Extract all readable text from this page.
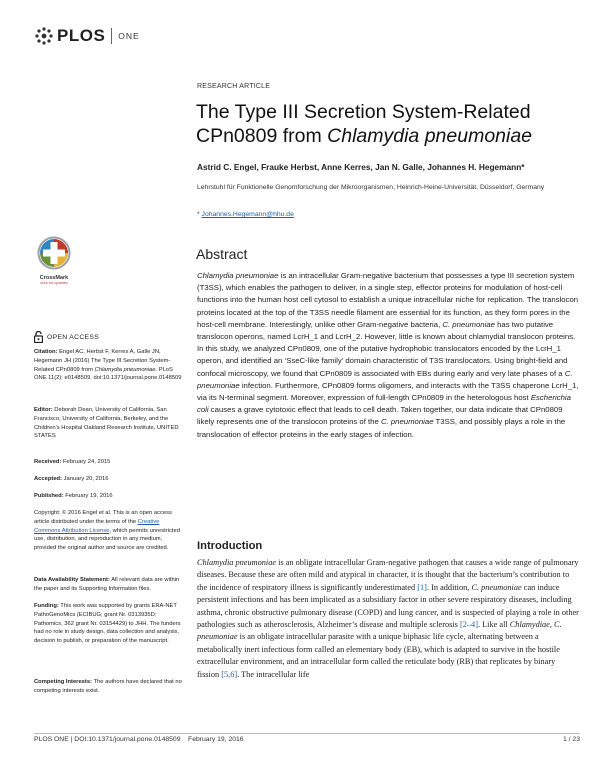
PLOS ONE
RESEARCH ARTICLE
The Type III Secretion System-Related CPn0809 from Chlamydia pneumoniae
Astrid C. Engel, Frauke Herbst, Anne Kerres, Jan N. Galle, Johannes H. Hegemann*
Lehrstuhl für Funktionelle Genomforschung der Mikroorganismen, Heinrich-Heine-Universität, Düsseldorf, Germany
* Johannes.Hegemann@hhu.de
CrossMark
click for updates
OPEN ACCESS
Citation: Engel AC, Herbst F, Kerres A, Galle JN, Hegemann JH (2016) The Type III Secretion System-Related CPn0809 from Chlamydia pneumoniae. PLoS ONE 11(2): e0148509. doi:10.1371/journal.pone.0148509
Editor: Deborah Dean, University of California, San Francisco, University of California, Berkeley, and the Children’s Hospital Oakland Research Institute, UNITED STATES
Received: February 24, 2015
Accepted: January 20, 2016
Published: February 19, 2016
Copyright: © 2016 Engel et al. This is an open access article distributed under the terms of the Creative Commons Attribution License, which permits unrestricted use, distribution, and reproduction in any medium, provided the original author and source are credited.
Data Availability Statement: All relevant data are within the paper and its Supporting Information files.
Funding: This work was supported by grants ERA-NET PathoGenoMics (ECIBUG; grant Nr. 0313935D; Pathomics, 362 grant Nr. 03154429) to JHH. The funders had no role in study design, data collection and analysis, decision to publish, or preparation of the manuscript.
Competing Interests: The authors have declared that no competing interests exist.
Abstract

Chlamydia pneumoniae is an intracellular Gram-negative bacterium that possesses a type III secretion system (T3SS), which enables the pathogen to deliver, in a single step, effector proteins for modulation of host-cell functions into the human host cell cytosol to establish a unique intracellular niche for replication. The translocon proteins located at the top of the T3SS needle filament are essential for its function, as they form pores in the host-cell membrane. Interestingly, unlike other Gram-negative bacteria, C. pneumoniae has two putative translocon operons, named LcrH_1 and LcrH_2. However, little is known about chlamydial translocon proteins. In this study, we analyzed CPn0809, one of the putative hydrophobic translocators encoded by the LcrH_1 operon, and identified an ‘SseC-like family’ domain characteristic of T3S translocators. Using bright-field and confocal microscopy, we found that CPn0809 is associated with EBs during early and very late phases of a C. pneumoniae infection. Furthermore, CPn0809 forms oligomers, and interacts with the T3SS chaperone LcrH_1, via its N-terminal segment. Moreover, expression of full-length CPn0809 in the heterologous host Escherichia coli causes a grave cytotoxic effect that leads to cell death. Taken together, our data indicate that CPn0809 likely represents one of the translocon proteins of the C. pneumoniae T3SS, and possibly plays a role in the translocation of effector proteins in the early stages of infection.

Introduction

Chlamydia pneumoniae is an obligate intracellular Gram-negative pathogen that causes a wide range of pulmonary diseases. Because these are often mild and atypical in character, it is thought that the bacterium’s contribution to the incidence of respiratory illness is significantly underestimated [1]. In addition, C. pneumoniae can induce persistent infections and has been implicated as a subsidiary factor in other severe respiratory diseases, including asthma, chronic obstructive pulmonary disease (COPD) and lung cancer, and is suspected of playing a role in other pathologies such as atherosclerosis, Alzheimer’s disease and multiple sclerosis [2–4]. Like all Chlamydiae, C. pneumoniae is an obligate intracellular parasite with a unique biphasic life cycle, alternating between a metabolically inert infectious form called an elementary body (EB), which is adapted to survive in the hostile extracellular environment, and an intracellular form called the reticulate body (RB) that replicates by binary fission [5,6]. The intracellular life

PLOS ONE | DOI:10.1371/journal.pone.0148509    February 19, 2016	1 / 23
